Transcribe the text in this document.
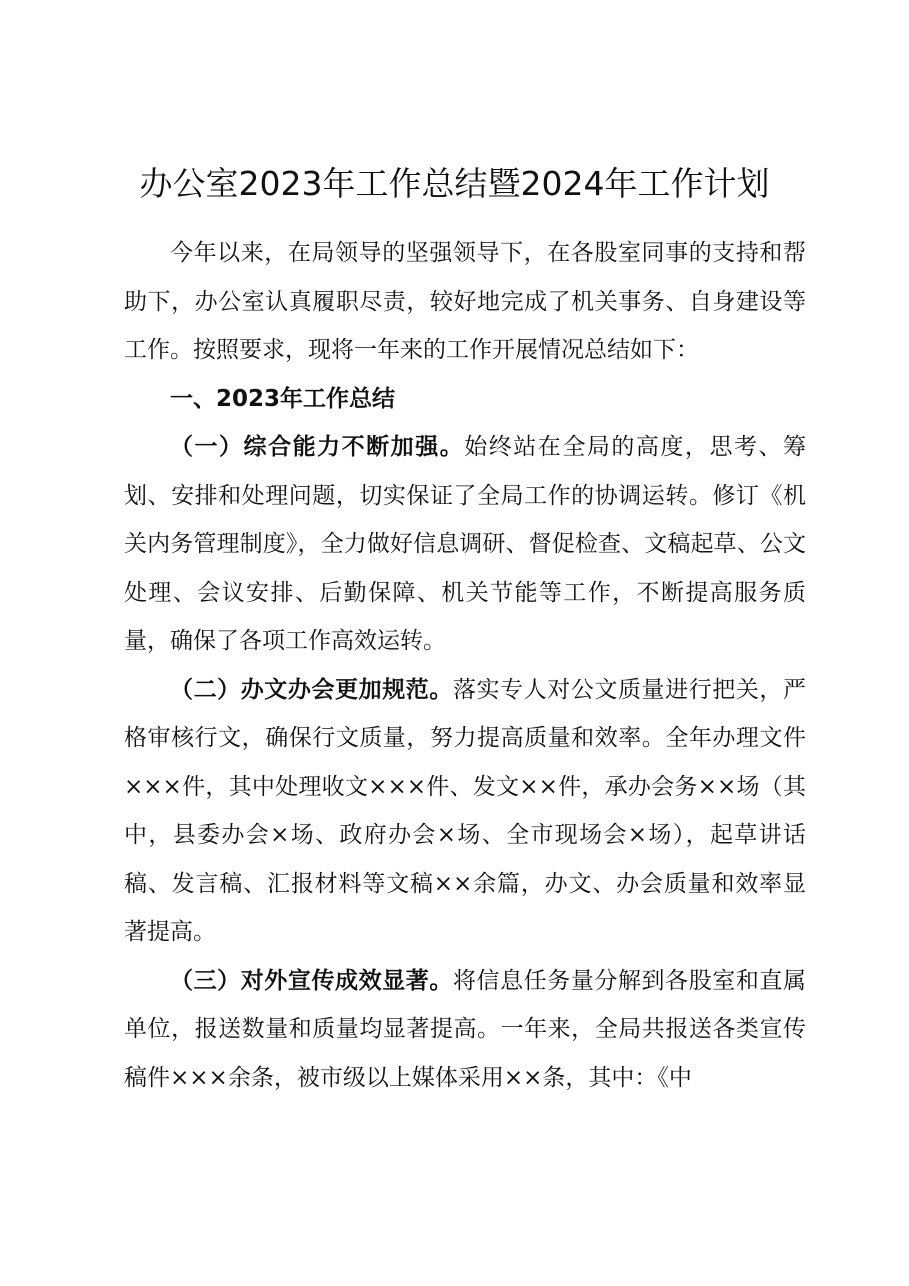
办公室2023年工作总结暨2024年工作计划

今年以来，在局领导的坚强领导下，在各股室同事的支持和帮助下，办公室认真履职尽责，较好地完成了机关事务、自身建设等工作。按照要求，现将一年来的工作开展情况总结如下：

一、2023年工作总结

（一）综合能力不断加强。始终站在全局的高度，思考、筹划、安排和处理问题，切实保证了全局工作的协调运转。修订《机关内务管理制度》，全力做好信息调研、督促检查、文稿起草、公文处理、会议安排、后勤保障、机关节能等工作，不断提高服务质量，确保了各项工作高效运转。

（二）办文办会更加规范。落实专人对公文质量进行把关，严格审核行文，确保行文质量，努力提高质量和效率。全年办理文件×××件，其中处理收文×××件、发文××件，承办会务××场（其中，县委办会×场、政府办会×场、全市现场会×场），起草讲话稿、发言稿、汇报材料等文稿××余篇，办文、办会质量和效率显著提高。

（三）对外宣传成效显著。将信息任务量分解到各股室和直属单位，报送数量和质量均显著提高。一年来，全局共报送各类宣传稿件×××余条，被市级以上媒体采用××条，其中：《中
